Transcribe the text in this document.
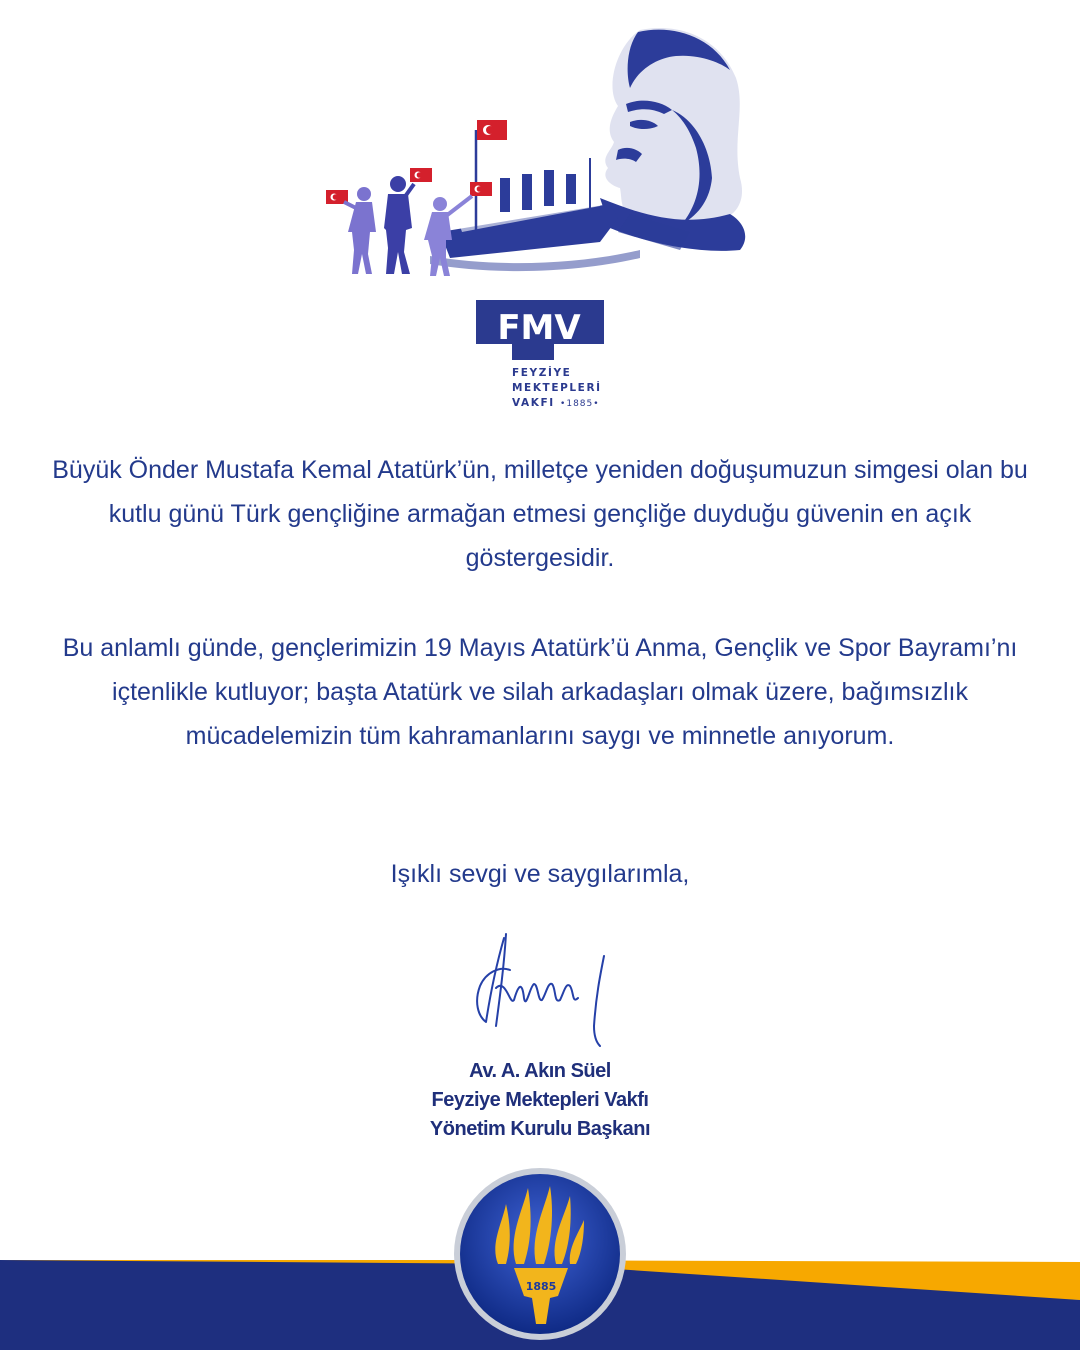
FMV
FEYZİYE
MEKTEPLERİ
VAKFI •1885•
Büyük Önder Mustafa Kemal Atatürk’ün, milletçe yeniden doğuşumuzun simgesi olan bu kutlu günü Türk gençliğine armağan etmesi gençliğe duyduğu güvenin en açık göstergesidir.
Bu anlamlı günde, gençlerimizin 19 Mayıs Atatürk’ü Anma, Gençlik ve Spor Bayramı’nı içtenlikle kutluyor; başta Atatürk ve silah arkadaşları olmak üzere, bağımsızlık mücadelemizin tüm kahramanlarını saygı ve minnetle anıyorum.
Işıklı sevgi ve saygılarımla,
Av. A. Akın Süel
Feyziye Mektepleri Vakfı
Yönetim Kurulu Başkanı
1885
